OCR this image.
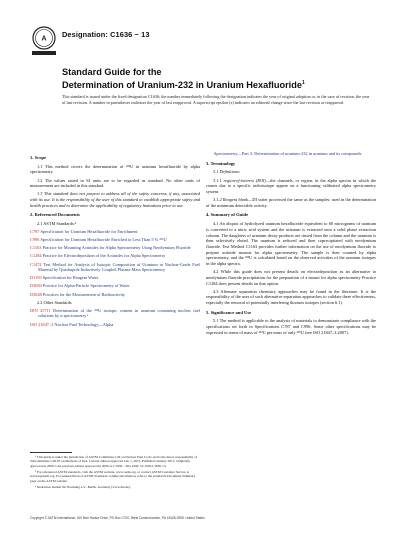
A Designation: C1636 − 13
Standard Guide for the
Determination of Uranium-232 in Uranium Hexafluoride$^1$
This standard is issued under the fixed designation C1636; the number immediately following the designation indicates the year of original adoption or, in the case of revision, the year of last revision. A number in parentheses indicates the year of last reapproval. A superscript epsilon (ε) indicates an editorial change since the last revision or reapproval.
1. Scope

1.1 This method covers the determination of ²³²U in uranium hexafluoride by alpha spectrometry.

1.2 The values stated in SI units are to be regarded as standard. No other units of measurement are included in this standard.

1.3 This standard does not purport to address all of the safety concerns, if any, associated with its use. It is the responsibility of the user of this standard to establish appropriate safety and health practices and to determine the applicability of regulatory limitations prior to use.

2. Referenced Documents

2.1 ASTM Standards:²

C787 Specification for Uranium Hexafluoride for Enrichment

C996 Specification for Uranium Hexafluoride Enriched to Less Than 5 % ²³⁵U

C1163 Practice for Mounting Actinides for Alpha Spectrometry Using Neodymium Fluoride

C1284 Practice for Electrodeposition of the Actinides for Alpha Spectrometry

C1474 Test Method for Analysis of Isotopic Composition of Uranium in Nuclear-Grade Fuel Material by Quadrupole Inductively Coupled Plasma-Mass Spectrometry

D1193 Specification for Reagent Water

D3084 Practice for Alpha-Particle Spectrometry of Water

D3648 Practices for the Measurement of Radioactivity

2.2 Other Standards

DIN 25711 Determination of the ²³²U isotopic content in uranium containing nuclear fuel solutions by α spectrometry.³

ISO 21847–3 Nuclear Fuel Technology—Alpha

¹ This guide is under the jurisdiction of ASTM Committee C26 on Nuclear Fuel Cycle and is the direct responsibility of Subcommittee C26.05 on Methods of Test. Current edition approved Jan. 1, 2013. Published January 2013. Originally approved in 2006. Last previous edition approved in 2006 as C1636 – 06a. DOI: 10.1520/C1636-13.

² For referenced ASTM standards, visit the ASTM website, www.astm.org, or contact ASTM Customer Service at service@astm.org. For Annual Book of ASTM Standards volume information, refer to the standard's Document Summary page on the ASTM website.

³ Deutsches Institut für Normung e.V., Berlin, Germany (www.din.de).

Spectrometry—Part 3: Determination of uranium-232 in uranium and its compounds.

3. Terminology

3.1 Definitions:

3.1.1 region-of-interest (ROI)—the channels, or region, in the alpha spectra in which the counts due to a specific radioisotope appear on a functioning calibrated alpha spectrometry system.

3.1.2 Reagent blank—DI water processed the same as the samples; used in the determination of the minimum detectable activity.

4. Summary of Guide

4.1 An aliquot of hydrolyzed uranium hexafluoride equivalent to 60 micrograms of uranium is converted to a nitric acid system and the uranium is extracted onto a solid phase extraction column. The daughters of uranium decay products are rinsed from the column and the uranium is then selectively eluted. The uranium is reduced and then coprecipitated with neodymium fluoride. Test Method C1163 provides further information on the use of neodymium fluoride to prepare actinide mounts for alpha spectrometry. The sample is then counted by alpha spectrometry, and the ²³²U is calculated based on the observed activities of the uranium isotopes in the alpha spectra.

4.2 While this guide does not present details on electrodeposition as an alternative to neodymium fluoride precipitation for the preparation of a mount for alpha spectrometry Practice C1284 does present details on that option.

4.3 Alternate separation chemistry approaches may be found in the literature. It is the responsibility of the user of such alternative separation approaches to validate there effectiveness, especially the removal of potentially interfering thorium isotopes (section 6.1).

5. Significance and Use

5.1 The method is applicable to the analysis of materials to demonstrate compliance with the specifications set forth in Specifications C787 and C996. Some other specifications may be expressed in terms of mass of ²³²U per mass of only ²³⁵U (see ISO 21847–3:2007).

Copyright © ASTM International, 100 Barr Harbor Drive, PO Box C700, West Conshohocken, PA 19428-2959. United States
